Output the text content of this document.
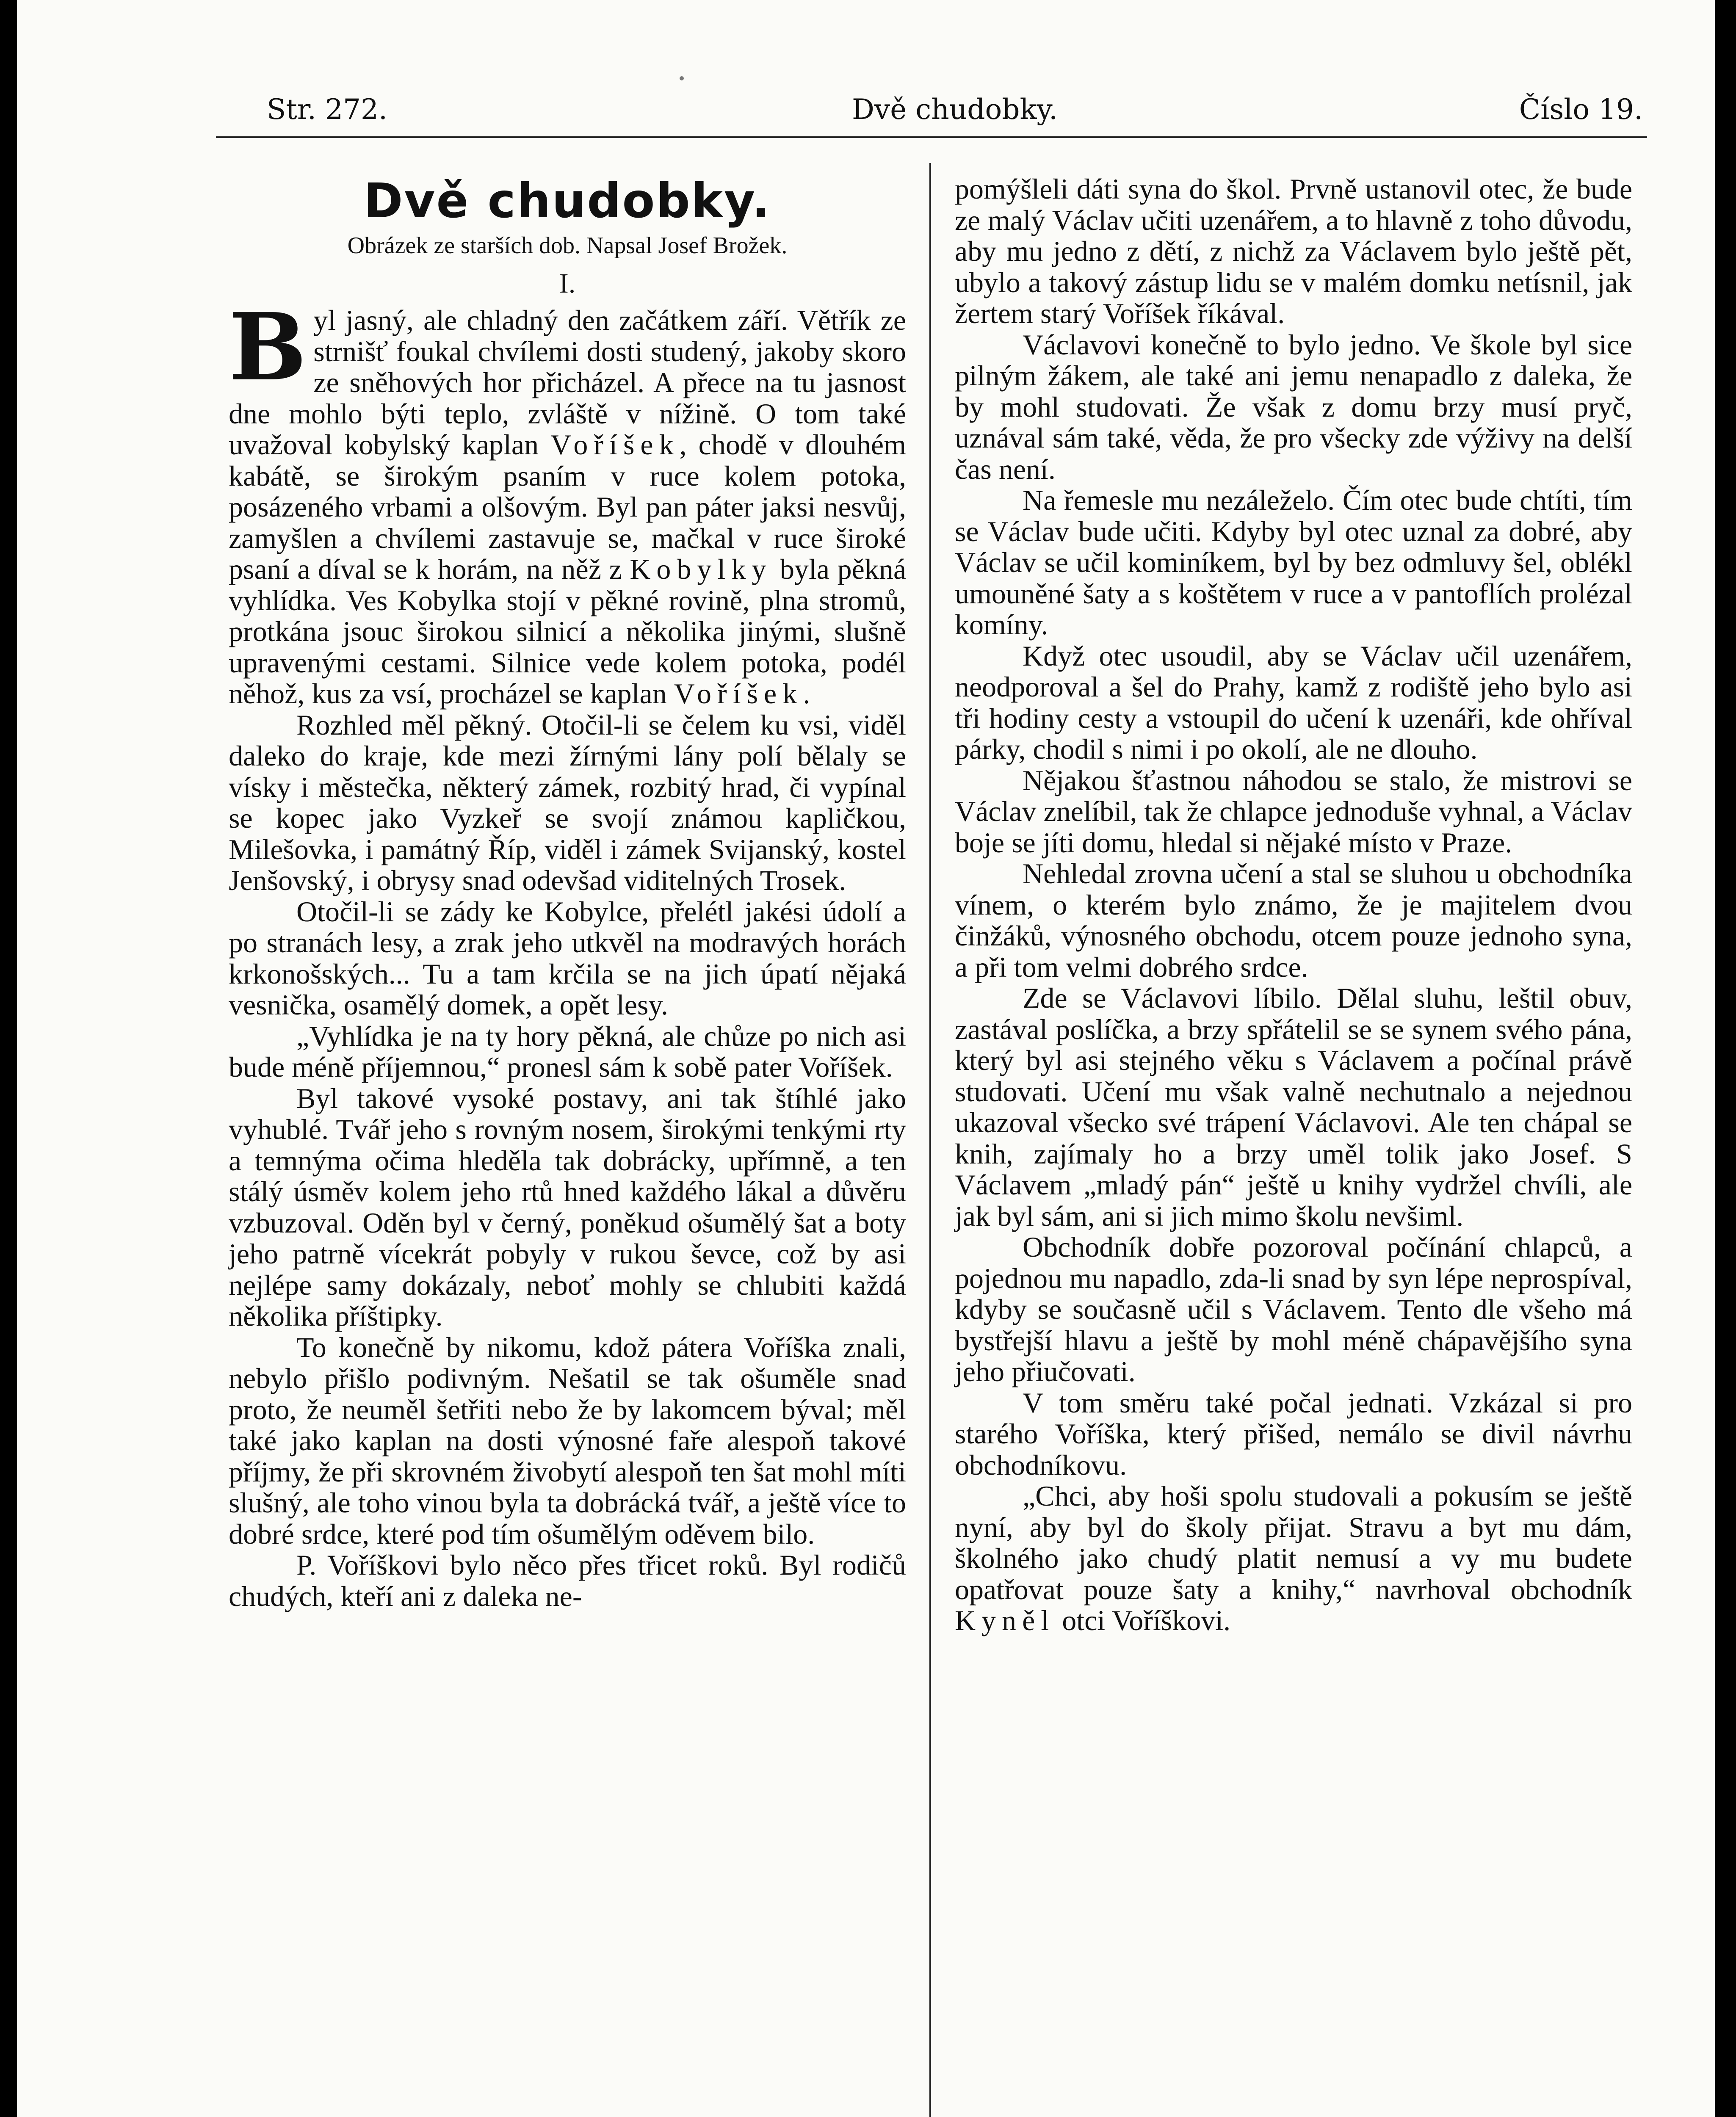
Str. 272.	Dvě chudobky.	Číslo 19.

Dvě chudobky.

Obrázek ze starších dob. Napsal Josef Brožek.

I.

Byl jasný, ale chladný den začátkem září. Větřík ze strnišť foukal chvílemi dosti studený, jakoby skoro ze sněhových hor přicházel. A přece na tu jasnost dne mohlo býti teplo, zvláště v nížině. O tom také uvažoval kobylský kaplan Voříšek, chodě v dlouhém kabátě, se širokým psaním v ruce kolem potoka, posázeného vrbami a olšovým. Byl pan páter jaksi nesvůj, zamyšlen a chvílemi zastavuje se, mačkal v ruce široké psaní a díval se k horám, na něž z Kobylky byla pěkná vyhlídka. Ves Kobylka stojí v pěkné rovině, plna stromů, protkána jsouc širokou silnicí a několika jinými, slušně upravenými cestami. Silnice vede kolem potoka, podél něhož, kus za vsí, procházel se kaplan Voříšek.

Rozhled měl pěkný. Otočil-li se čelem ku vsi, viděl daleko do kraje, kde mezi žírnými lány polí bělaly se vísky i městečka, některý zámek, rozbitý hrad, či vypínal se kopec jako Vyzkeř se svojí známou kapličkou, Milešovka, i památný Říp, viděl i zámek Svijanský, kostel Jenšovský, i obrysy snad odevšad viditelných Trosek.

Otočil-li se zády ke Kobylce, přelétl jakési údolí a po stranách lesy, a zrak jeho utkvěl na modravých horách krkonošských... Tu a tam krčila se na jich úpatí nějaká vesnička, osamělý domek, a opět lesy.

„Vyhlídka je na ty hory pěkná, ale chůze po nich asi bude méně příjemnou,“ pronesl sám k sobě pater Voříšek.

Byl takové vysoké postavy, ani tak štíhlé jako vyhublé. Tvář jeho s rovným nosem, širokými tenkými rty a temnýma očima hleděla tak dobrácky, upřímně, a ten stálý úsměv kolem jeho rtů hned každého lákal a důvěru vzbuzoval. Oděn byl v černý, poněkud ošumělý šat a boty jeho patrně vícekrát pobyly v rukou ševce, což by asi nejlépe samy dokázaly, neboť mohly se chlubiti každá několika příštipky.

To konečně by nikomu, kdož pátera Voříška znali, nebylo přišlo podivným. Nešatil se tak ošuměle snad proto, že neuměl šetřiti nebo že by lakomcem býval; měl také jako kaplan na dosti výnosné faře alespoň takové příjmy, že při skrovném živobytí alespoň ten šat mohl míti slušný, ale toho vinou byla ta dobrácká tvář, a ještě více to dobré srdce, které pod tím ošumělým oděvem bilo.

P. Voříškovi bylo něco přes třicet roků. Byl rodičů chudých, kteří ani z daleka ne-

pomýšleli dáti syna do škol. Prvně ustanovil otec, že bude ze malý Václav učiti uzenářem, a to hlavně z toho důvodu, aby mu jedno z dětí, z nichž za Václavem bylo ještě pět, ubylo a takový zástup lidu se v malém domku netísnil, jak žertem starý Voříšek říkával.

Václavovi konečně to bylo jedno. Ve škole byl sice pilným žákem, ale také ani jemu nenapadlo z daleka, že by mohl studovati. Že však z domu brzy musí pryč, uznával sám také, věda, že pro všecky zde výživy na delší čas není.

Na řemesle mu nezáleželo. Čím otec bude chtíti, tím se Václav bude učiti. Kdyby byl otec uznal za dobré, aby Václav se učil kominíkem, byl by bez odmluvy šel, oblékl umouněné šaty a s koštětem v ruce a v pantoflích prolézal komíny.

Když otec usoudil, aby se Václav učil uzenářem, neodporoval a šel do Prahy, kamž z rodiště jeho bylo asi tři hodiny cesty a vstoupil do učení k uzenáři, kde ohříval párky, chodil s nimi i po okolí, ale ne dlouho.

Nějakou šťastnou náhodou se stalo, že mistrovi se Václav znelíbil, tak že chlapce jednoduše vyhnal, a Václav boje se jíti domu, hledal si nějaké místo v Praze.

Nehledal zrovna učení a stal se sluhou u obchodníka vínem, o kterém bylo známo, že je majitelem dvou činžáků, výnosného obchodu, otcem pouze jednoho syna, a při tom velmi dobrého srdce.

Zde se Václavovi líbilo. Dělal sluhu, leštil obuv, zastával poslíčka, a brzy spřátelil se se synem svého pána, který byl asi stejného věku s Václavem a počínal právě studovati. Učení mu však valně nechutnalo a nejednou ukazoval všecko své trápení Václavovi. Ale ten chápal se knih, zajímaly ho a brzy uměl tolik jako Josef. S Václavem „mladý pán“ ještě u knihy vydržel chvíli, ale jak byl sám, ani si jich mimo školu nevšiml.

Obchodník dobře pozoroval počínání chlapců, a pojednou mu napadlo, zda-li snad by syn lépe neprospíval, kdyby se současně učil s Václavem. Tento dle všeho má bystřejší hlavu a ještě by mohl méně chápavějšího syna jeho přiučovati.

V tom směru také počal jednati. Vzkázal si pro starého Voříška, který přišed, nemálo se divil návrhu obchodníkovu.

„Chci, aby hoši spolu studovali a pokusím se ještě nyní, aby byl do školy přijat. Stravu a byt mu dám, školného jako chudý platit nemusí a vy mu budete opatřovat pouze šaty a knihy,“ navrhoval obchodník Kyněl otci Voříškovi.
